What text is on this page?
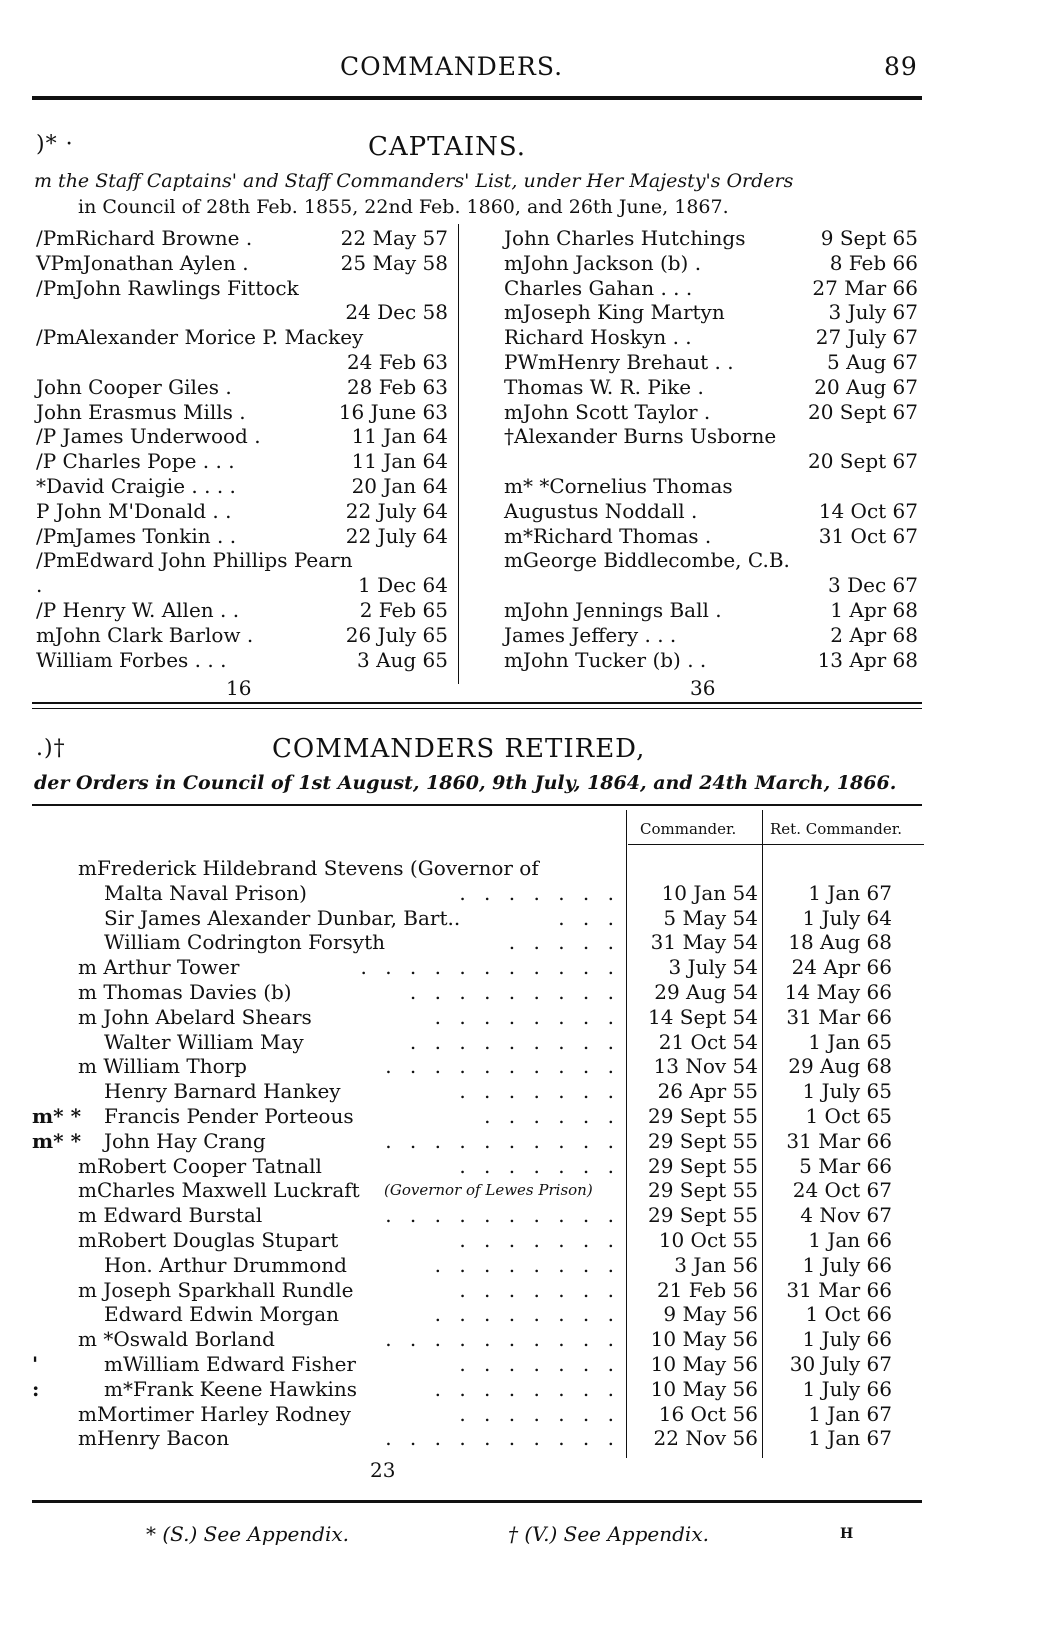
COMMANDERS.	89
)* ·	CAPTAINS.
m the Staff Captains' and Staff Commanders' List, under Her Majesty's Orders
in Council of 28th Feb. 1855, 22nd Feb. 1860, and 26th June, 1867.
/PmRichard Browne .	22 May 57
VPmJonathan Aylen .	25 May 58
/PmJohn Rawlings Fittock
24 Dec 58
/PmAlexander Morice P. Mackey
24 Feb 63
John Cooper Giles .	28 Feb 63
John Erasmus Mills .	16 June 63
/P James Underwood .	11 Jan 64
/P Charles Pope . . .	11 Jan 64
*David Craigie . . . .	20 Jan 64
P John M'Donald . .	22 July 64
/PmJames Tonkin . .	22 July 64
/PmEdward John Phillips Pearn
.	1 Dec 64
/P Henry W. Allen . .	2 Feb 65
mJohn Clark Barlow .	26 July 65
William Forbes . . .	3 Aug 65
John Charles Hutchings	9 Sept 65
mJohn Jackson (b) .	8 Feb 66
Charles Gahan . . .	27 Mar 66
mJoseph King Martyn	3 July 67
Richard Hoskyn . .	27 July 67
PWmHenry Brehaut . .	5 Aug 67
Thomas W. R. Pike .	20 Aug 67
mJohn Scott Taylor .	20 Sept 67
†Alexander Burns Usborne
20 Sept 67
m* *Cornelius Thomas
Augustus Noddall .	14 Oct 67
m*Richard Thomas .	31 Oct 67
mGeorge Biddlecombe, C.B.
3 Dec 67
mJohn Jennings Ball .	1 Apr 68
James Jeffery . . .	2 Apr 68
mJohn Tucker (b) . .	13 Apr 68
16	36
.)†	COMMANDERS RETIRED,
der Orders in Council of 1st August, 1860, 9th July, 1864, and 24th March, 1866.
Commander. Ret. Commander.
mFrederick Hildebrand Stevens (Governor of
Malta Naval Prison)	. . . . . . .	10 Jan 54	1 Jan 67
Sir James Alexander Dunbar, Bart..	. . .	5 May 54	1 July 64
William Codrington Forsyth	. . . . .	31 May 54	18 Aug 68
m Arthur Tower	. . . . . . . . . . .	3 July 54	24 Apr 66
m Thomas Davies (b)	. . . . . . . . .	29 Aug 54	14 May 66
m John Abelard Shears	. . . . . . . .	14 Sept 54	31 Mar 66
Walter William May	. . . . . . . . .	21 Oct 54	1 Jan 65
m William Thorp	. . . . . . . . . .	13 Nov 54	29 Aug 68
Henry Barnard Hankey	. . . . . . .	26 Apr 55	1 July 65
m* * Francis Pender Porteous	. . . . . .	29 Sept 55	1 Oct 65
m* * John Hay Crang	. . . . . . . . . .	29 Sept 55	31 Mar 66
mRobert Cooper Tatnall	. . . . . . .	29 Sept 55	5 Mar 66
mCharles Maxwell Luckraft (Governor of Lewes Prison)	29 Sept 55	24 Oct 67
m Edward Burstal	. . . . . . . . . .	29 Sept 55	4 Nov 67
mRobert Douglas Stupart	. . . . . . .	10 Oct 55	1 Jan 66
Hon. Arthur Drummond	. . . . . . . .	3 Jan 56	1 July 66
m Joseph Sparkhall Rundle	. . . . . . .	21 Feb 56	31 Mar 66
Edward Edwin Morgan	. . . . . . . .	9 May 56	1 Oct 66
m *Oswald Borland	. . . . . . . . . .	10 May 56	1 July 66
'	mWilliam Edward Fisher	. . . . . . .	10 May 56	30 July 67
:	m*Frank Keene Hawkins	. . . . . . . .	10 May 56	1 July 66
mMortimer Harley Rodney	. . . . . . .	16 Oct 56	1 Jan 67
mHenry Bacon	. . . . . . . . . .	22 Nov 56	1 Jan 67
23
* (S.) See Appendix.	† (V.) See Appendix.	H
